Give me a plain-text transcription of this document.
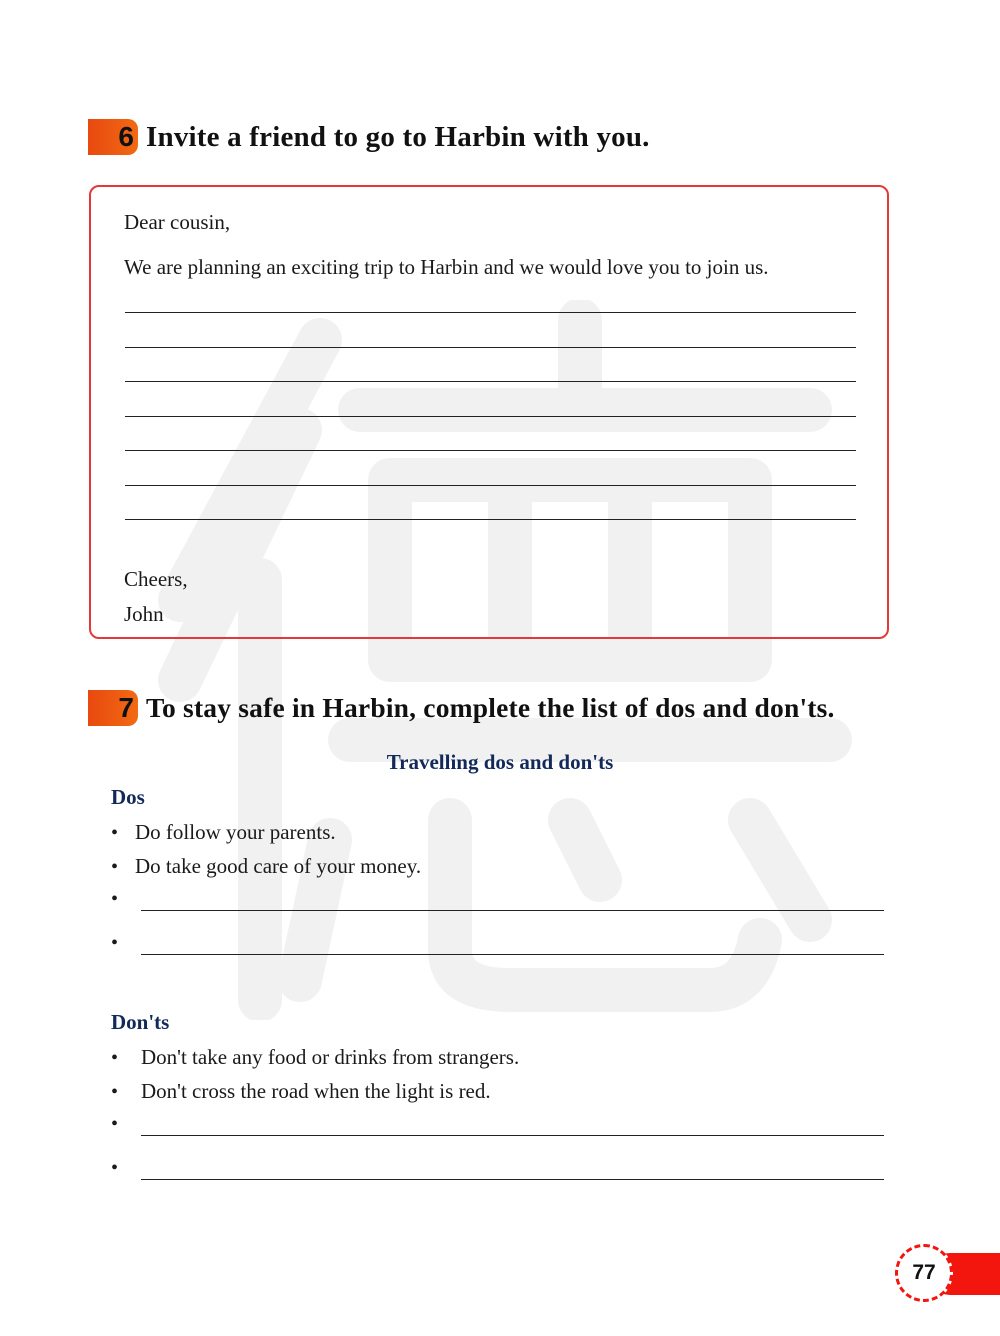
6 Invite a friend to go to Harbin with you.
Dear cousin,
We are planning an exciting trip to Harbin and we would love you to join us.
Cheers,
John
7 To stay safe in Harbin, complete the list of dos and don'ts.
Travelling dos and don'ts
Dos
• Do follow your parents.
• Do take good care of your money.
•
•
Don'ts
•	Don't take any food or drinks from strangers.
•	Don't cross the road when the light is red.
•
•
77
